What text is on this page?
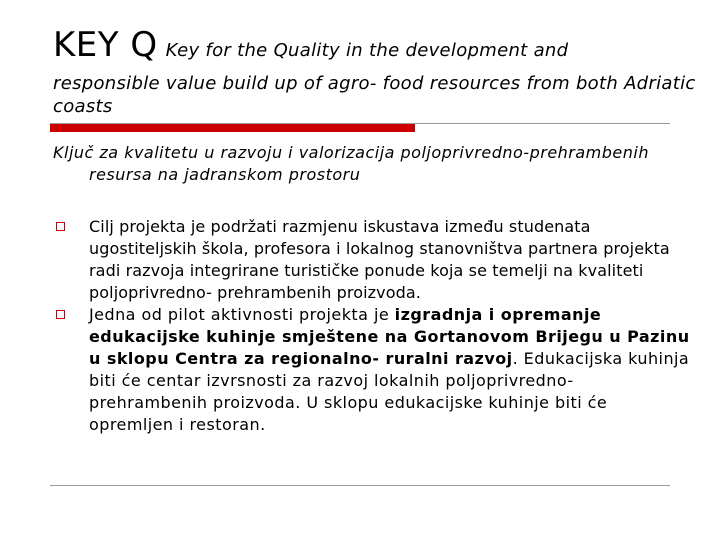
KEY Q Key for the Quality in the development and
responsible value build up of agro- food resources from both Adriatic coasts
Ključ za kvalitetu u razvoju i valorizacija poljoprivredno-prehrambenih resursa na jadranskom prostoru
Cilj projekta je podržati razmjenu iskustava između studenata ugostiteljskih škola, profesora i lokalnog stanovništva partnera projekta radi razvoja integrirane turističke ponude koja se temelji na kvaliteti poljoprivredno- prehrambenih proizvoda.
Jedna od pilot aktivnosti projekta je izgradnja i opremanje edukacijske kuhinje smještene na Gortanovom Brijegu u Pazinu u sklopu Centra za regionalno- ruralni razvoj. Edukacijska kuhinja biti će centar izvrsnosti za razvoj lokalnih poljoprivredno- prehrambenih proizvoda. U sklopu edukacijske kuhinje biti će opremljen i restoran.
